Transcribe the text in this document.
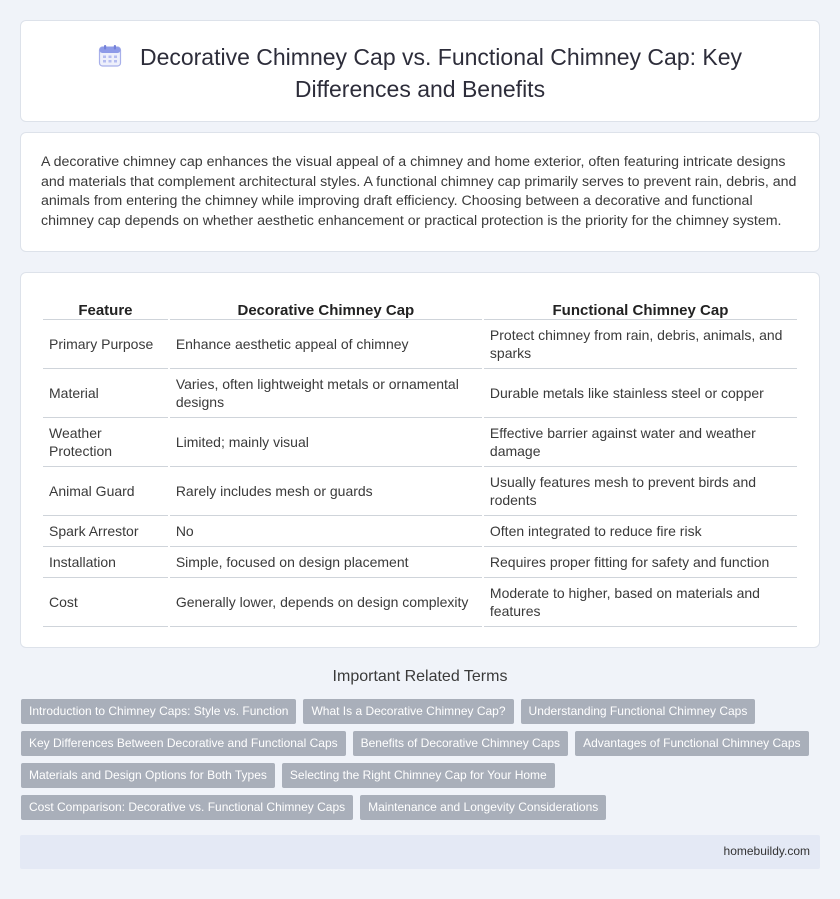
Decorative Chimney Cap vs. Functional Chimney Cap: Key
Differences and Benefits
A decorative chimney cap enhances the visual appeal of a chimney and home exterior, often featuring intricate designs and materials that complement architectural styles. A functional chimney cap primarily serves to prevent rain, debris, and animals from entering the chimney while improving draft efficiency. Choosing between a decorative and functional chimney cap depends on whether aesthetic enhancement or practical protection is the priority for the chimney system.
Feature	Decorative Chimney Cap	Functional Chimney Cap
Primary Purpose	Enhance aesthetic appeal of chimney	Protect chimney from rain, debris, animals, and sparks
Material	Varies, often lightweight metals or ornamental designs	Durable metals like stainless steel or copper
Weather Protection	Limited; mainly visual	Effective barrier against water and weather damage
Animal Guard	Rarely includes mesh or guards	Usually features mesh to prevent birds and rodents
Spark Arrestor	No	Often integrated to reduce fire risk
Installation	Simple, focused on design placement	Requires proper fitting for safety and function
Cost	Generally lower, depends on design complexity	Moderate to higher, based on materials and features
Important Related Terms
Introduction to Chimney Caps: Style vs. Function	What Is a Decorative Chimney Cap?	Understanding Functional Chimney Caps
Key Differences Between Decorative and Functional Caps	Benefits of Decorative Chimney Caps	Advantages of Functional Chimney Caps
Materials and Design Options for Both Types	Selecting the Right Chimney Cap for Your Home
Cost Comparison: Decorative vs. Functional Chimney Caps	Maintenance and Longevity Considerations
homebuildy.com
